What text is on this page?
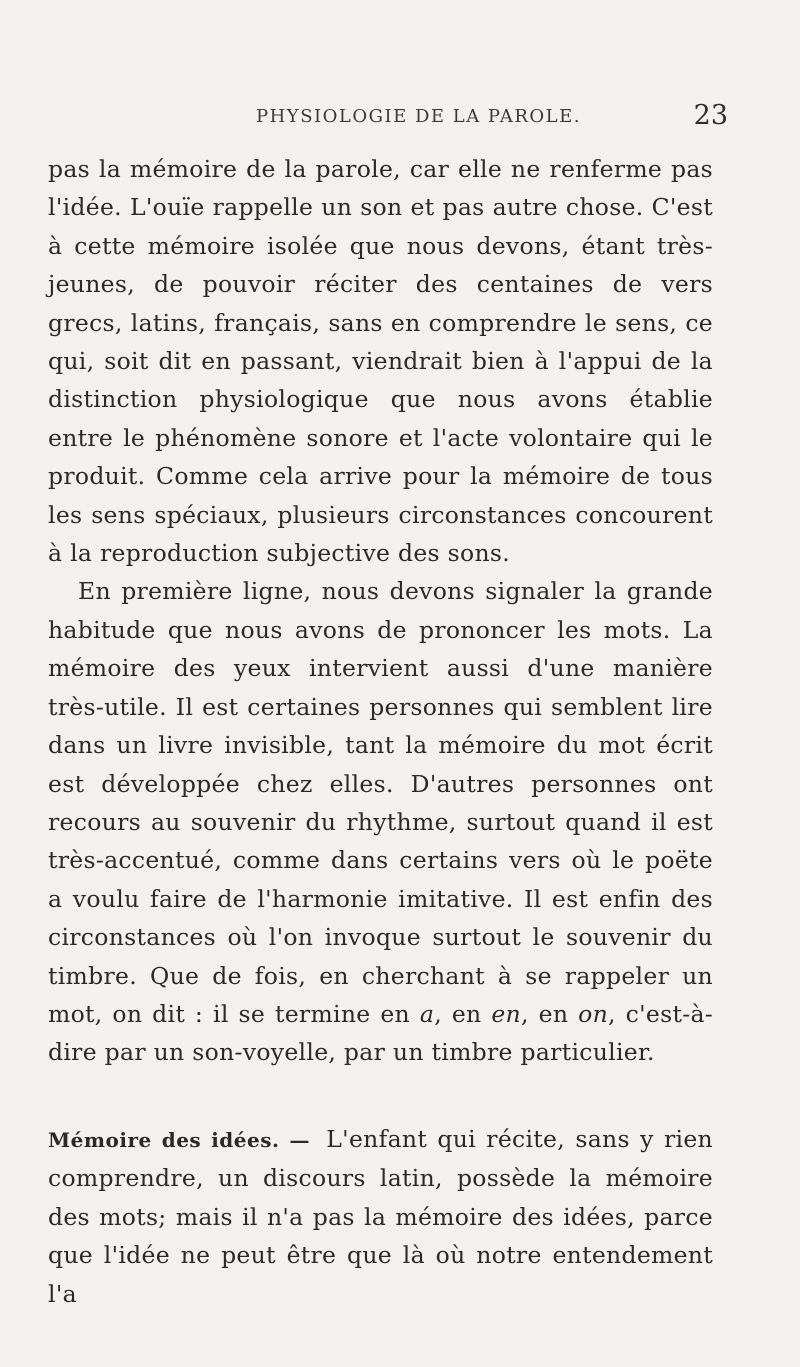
PHYSIOLOGIE DE LA PAROLE.	23

pas la mémoire de la parole, car elle ne renferme pas l'idée. L'ouïe rappelle un son et pas autre chose. C'est à cette mémoire isolée que nous devons, étant très-jeunes, de pouvoir réciter des centaines de vers grecs, latins, français, sans en comprendre le sens, ce qui, soit dit en passant, viendrait bien à l'appui de la distinction physiologique que nous avons établie entre le phénomène sonore et l'acte volontaire qui le produit. Comme cela arrive pour la mémoire de tous les sens spéciaux, plusieurs circonstances concourent à la reproduction subjective des sons.

En première ligne, nous devons signaler la grande habitude que nous avons de prononcer les mots. La mémoire des yeux intervient aussi d'une manière très-utile. Il est certaines personnes qui semblent lire dans un livre invisible, tant la mémoire du mot écrit est développée chez elles. D'autres personnes ont recours au souvenir du rhythme, surtout quand il est très-accentué, comme dans certains vers où le poëte a voulu faire de l'harmonie imitative. Il est enfin des circonstances où l'on invoque surtout le souvenir du timbre. Que de fois, en cherchant à se rappeler un mot, on dit : il se termine en a, en en, en on, c'est-à-dire par un son-voyelle, par un timbre particulier.

Mémoire des idées. — L'enfant qui récite, sans y rien comprendre, un discours latin, possède la mémoire des mots; mais il n'a pas la mémoire des idées, parce que l'idée ne peut être que là où notre entendement l'a
